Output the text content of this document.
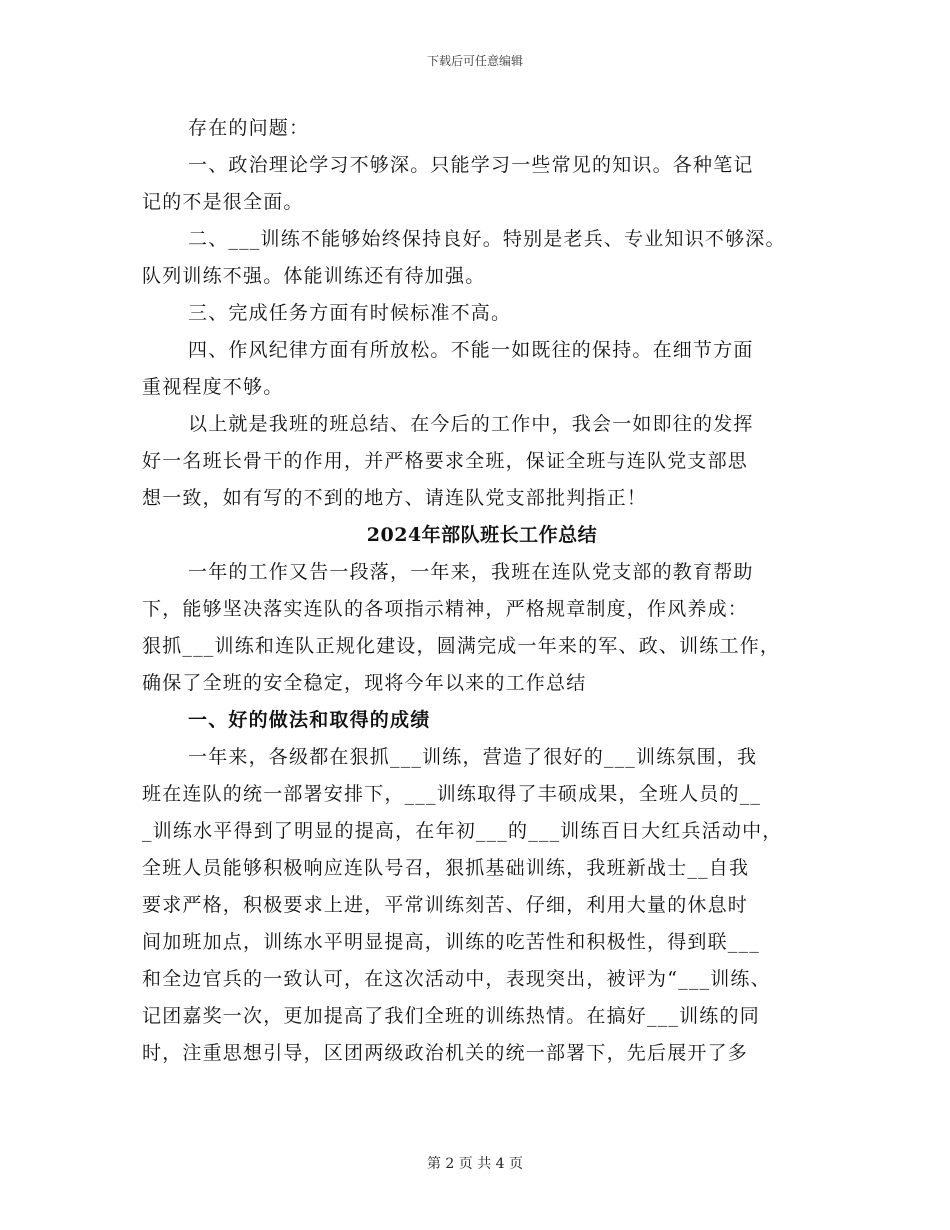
下载后可任意编辑
存在的问题：
一、政治理论学习不够深。只能学习一些常见的知识。各种笔记
记的不是很全面。
二、___训练不能够始终保持良好。特别是老兵、专业知识不够深。
队列训练不强。体能训练还有待加强。
三、完成任务方面有时候标准不高。
四、作风纪律方面有所放松。不能一如既往的保持。在细节方面
重视程度不够。
以上就是我班的班总结、在今后的工作中，我会一如即往的发挥
好一名班长骨干的作用，并严格要求全班，保证全班与连队党支部思
想一致，如有写的不到的地方、请连队党支部批判指正！
2024年部队班长工作总结
一年的工作又告一段落，一年来，我班在连队党支部的教育帮助
下，能够坚决落实连队的各项指示精神，严格规章制度，作风养成：
狠抓___训练和连队正规化建设，圆满完成一年来的军、政、训练工作，
确保了全班的安全稳定，现将今年以来的工作总结
一、好的做法和取得的成绩
一年来，各级都在狠抓___训练，营造了很好的___训练氛围，我
班在连队的统一部署安排下，___训练取得了丰硕成果，全班人员的__
_训练水平得到了明显的提高，在年初___的___训练百日大红兵活动中，
全班人员能够积极响应连队号召，狠抓基础训练，我班新战士__自我
要求严格，积极要求上进，平常训练刻苦、仔细，利用大量的休息时
间加班加点，训练水平明显提高，训练的吃苦性和积极性，得到联___
和全边官兵的一致认可，在这次活动中，表现突出，被评为“___训练、
记团嘉奖一次，更加提高了我们全班的训练热情。在搞好___训练的同
时，注重思想引导，区团两级政治机关的统一部署下，先后展开了多
第 2 页 共 4 页
